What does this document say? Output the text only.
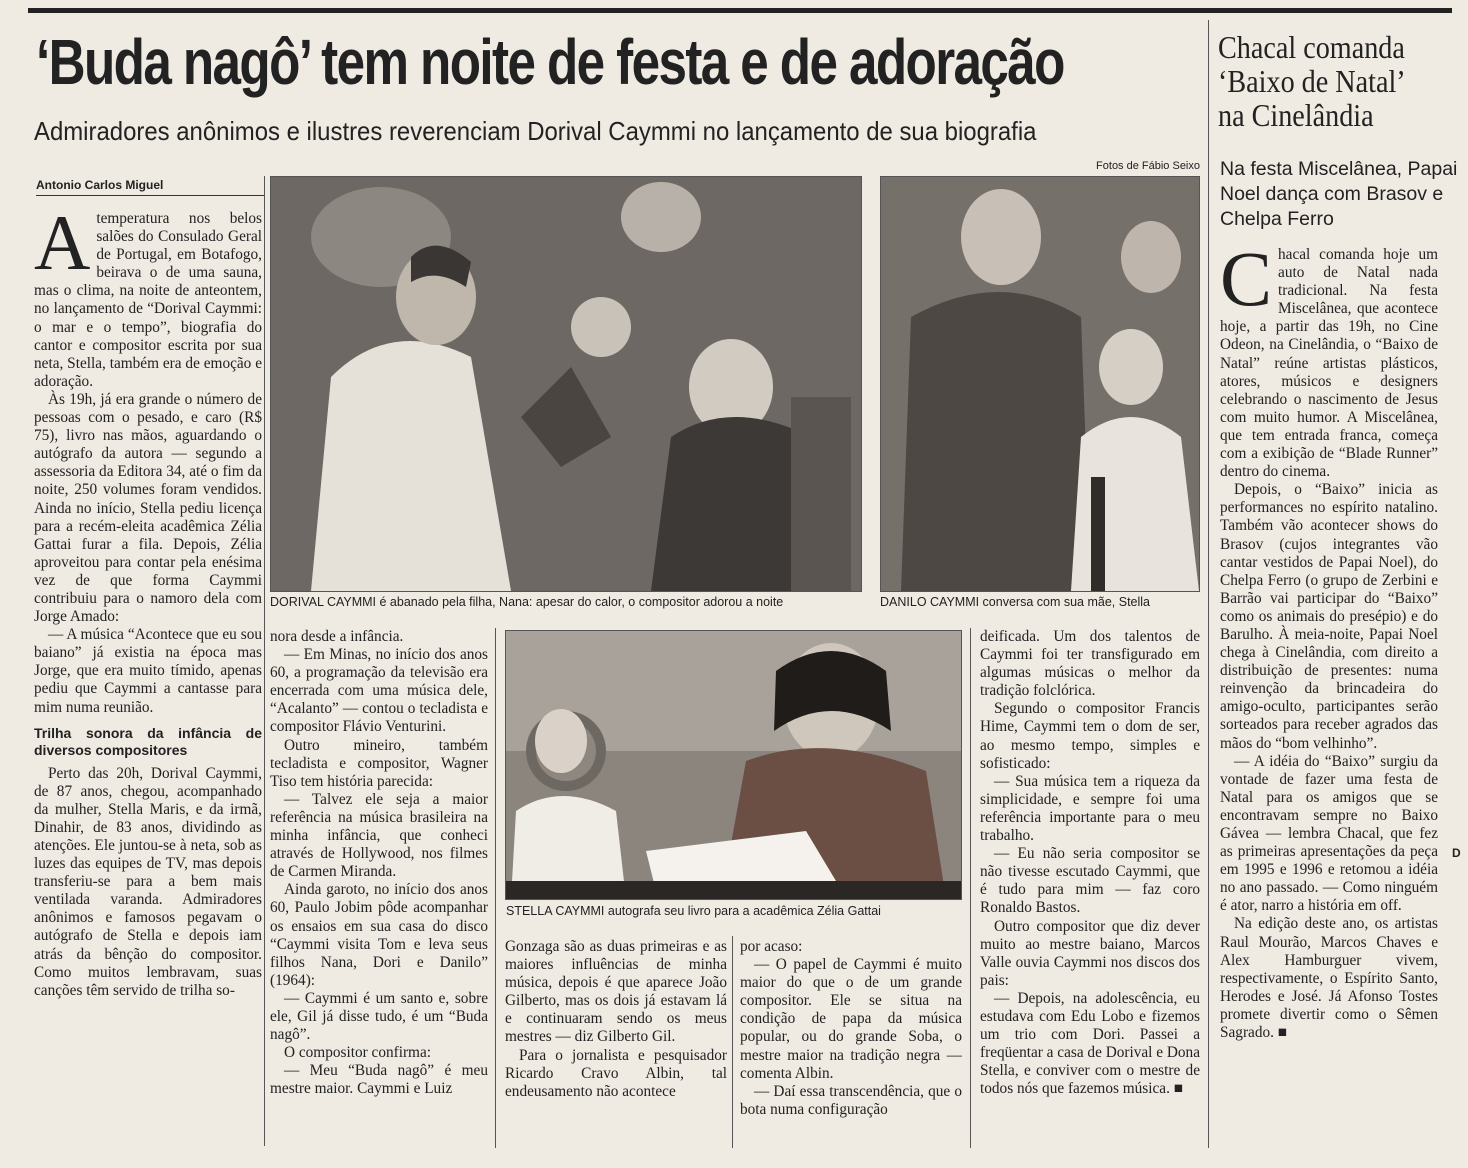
‘Buda nagô’ tem noite de festa e de adoração
Admiradores anônimos e ilustres reverenciam Dorival Caymmi no lançamento de sua biografia
Fotos de Fábio Seixo
Antonio Carlos Miguel

Atemperatura nos belos salões do Consulado Geral de Portugal, em Botafogo, beirava o de uma sauna, mas o clima, na noite de anteontem, no lançamento de “Dorival Caymmi: o mar e o tempo”, biografia do cantor e compositor escrita por sua neta, Stella, também era de emoção e adoração.

Às 19h, já era grande o número de pessoas com o pesado, e caro (R$ 75), livro nas mãos, aguardando o autógrafo da autora — segundo a assessoria da Editora 34, até o fim da noite, 250 volumes foram vendidos. Ainda no início, Stella pediu licença para a recém-eleita acadêmica Zélia Gattai furar a fila. Depois, Zélia aproveitou para contar pela enésima vez de que forma Caymmi contribuiu para o namoro dela com Jorge Amado:

— A música “Acontece que eu sou baiano” já existia na época mas Jorge, que era muito tímido, apenas pediu que Caymmi a cantasse para mim numa reunião.

Trilha sonora da infância de diversos compositores

Perto das 20h, Dorival Caymmi, de 87 anos, chegou, acompanhado da mulher, Stella Maris, e da irmã, Dinahir, de 83 anos, dividindo as atenções. Ele juntou-se à neta, sob as luzes das equipes de TV, mas depois transferiu-se para a bem mais ventilada varanda. Admiradores anônimos e famosos pegavam o autógrafo de Stella e depois iam atrás da bênção do compositor. Como muitos lembravam, suas canções têm servido de trilha so-

DORIVAL CAYMMI é abanado pela filha, Nana: apesar do calor, o compositor adorou a noite	DANILO CAYMMI conversa com sua mãe, Stella

nora desde a infância.

— Em Minas, no início dos anos 60, a programação da televisão era encerrada com uma música dele, “Acalanto” — contou o tecladista e compositor Flávio Venturini.

Outro mineiro, também tecladista e compositor, Wagner Tiso tem história parecida:

— Talvez ele seja a maior referência na música brasileira na minha infância, que conheci através de Hollywood, nos filmes de Carmen Miranda.

Ainda garoto, no início dos anos 60, Paulo Jobim pôde acompanhar os ensaios em sua casa do disco “Caymmi visita Tom e leva seus filhos Nana, Dori e Danilo” (1964):

— Caymmi é um santo e, sobre ele, Gil já disse tudo, é um “Buda nagô”.

O compositor confirma:

— Meu “Buda nagô” é meu mestre maior. Caymmi e Luiz

STELLA CAYMMI autografa seu livro para a acadêmica Zélia Gattai

Gonzaga são as duas primeiras e as maiores influências de minha música, depois é que aparece João Gilberto, mas os dois já estavam lá e continuaram sendo os meus mestres — diz Gilberto Gil.

Para o jornalista e pesquisador Ricardo Cravo Albin, tal endeusamento não acontece

por acaso:

— O papel de Caymmi é muito maior do que o de um grande compositor. Ele se situa na condição de papa da música popular, ou do grande Soba, o mestre maior na tradição negra — comenta Albin.

— Daí essa transcendência, que o bota numa configuração

deificada. Um dos talentos de Caymmi foi ter transfigurado em algumas músicas o melhor da tradição folclórica.

Segundo o compositor Francis Hime, Caymmi tem o dom de ser, ao mesmo tempo, simples e sofisticado:

— Sua música tem a riqueza da simplicidade, e sempre foi uma referência importante para o meu trabalho.

— Eu não seria compositor se não tivesse escutado Caymmi, que é tudo para mim — faz coro Ronaldo Bastos.

Outro compositor que diz dever muito ao mestre baiano, Marcos Valle ouvia Caymmi nos discos dos pais:

— Depois, na adolescência, eu estudava com Edu Lobo e fizemos um trio com Dori. Passei a freqüentar a casa de Dorival e Dona Stella, e conviver com o mestre de todos nós que fazemos música. ■

Chacal comanda ‘Baixo de Natal’ na Cinelândia
Na festa Miscelânea, Papai Noel dança com Brasov e Chelpa Ferro

Chacal comanda hoje um auto de Natal nada tradicional. Na festa Miscelânea, que acontece hoje, a partir das 19h, no Cine Odeon, na Cinelândia, o “Baixo de Natal” reúne artistas plásticos, atores, músicos e designers celebrando o nascimento de Jesus com muito humor. A Miscelânea, que tem entrada franca, começa com a exibição de “Blade Runner” dentro do cinema.

Depois, o “Baixo” inicia as performances no espírito natalino. Também vão acontecer shows do Brasov (cujos integrantes vão cantar vestidos de Papai Noel), do Chelpa Ferro (o grupo de Zerbini e Barrão vai participar do “Baixo” como os animais do presépio) e do Barulho. À meia-noite, Papai Noel chega à Cinelândia, com direito a distribuição de presentes: numa reinvenção da brincadeira do amigo-oculto, participantes serão sorteados para receber agrados das mãos do “bom velhinho”.

— A idéia do “Baixo” surgiu da vontade de fazer uma festa de Natal para os amigos que se encontravam sempre no Baixo Gávea — lembra Chacal, que fez as primeiras apresentações da peça em 1995 e 1996 e retomou a idéia no ano passado. — Como ninguém é ator, narro a história em off.

Na edição deste ano, os artistas Raul Mourão, Marcos Chaves e Alex Hamburguer vivem, respectivamente, o Espírito Santo, Herodes e José. Já Afonso Tostes promete divertir como o Sêmen Sagrado. ■

D
